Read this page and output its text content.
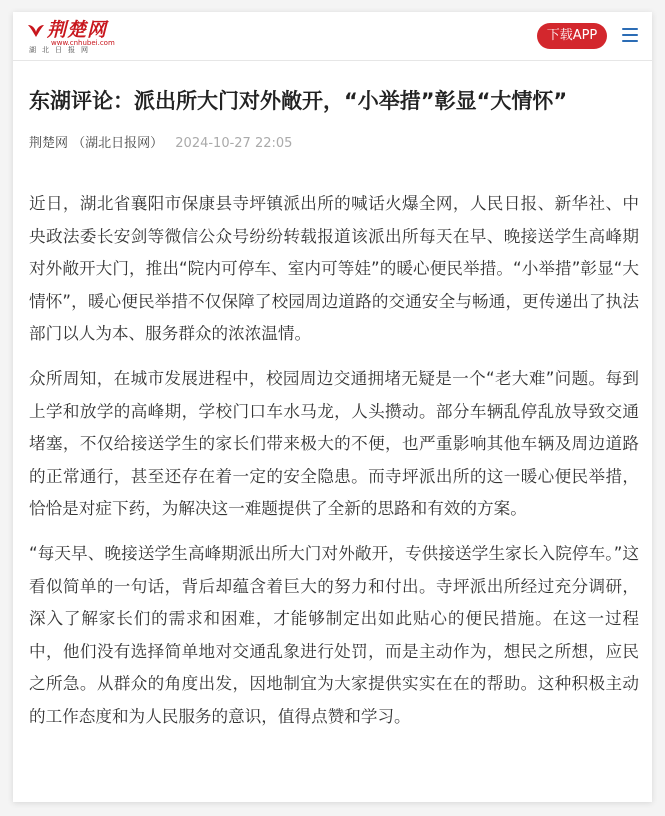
荆楚网
www.cnhubei.com
湖北日报网
下载APP
东湖评论：派出所大门对外敞开，“小举措”彰显“大情怀”
荆楚网 （湖北日报网） 2024-10-27 22:05

近日，湖北省襄阳市保康县寺坪镇派出所的喊话火爆全网，人民日报、新华社、中央政法委长安剑等微信公众号纷纷转载报道该派出所每天在早、晚接送学生高峰期对外敞开大门，推出“院内可停车、室内可等娃”的暖心便民举措。“小举措”彰显“大情怀”，暖心便民举措不仅保障了校园周边道路的交通安全与畅通，更传递出了执法部门以人为本、服务群众的浓浓温情。

众所周知，在城市发展进程中，校园周边交通拥堵无疑是一个“老大难”问题。每到上学和放学的高峰期，学校门口车水马龙，人头攒动。部分车辆乱停乱放导致交通堵塞，不仅给接送学生的家长们带来极大的不便，也严重影响其他车辆及周边道路的正常通行，甚至还存在着一定的安全隐患。而寺坪派出所的这一暖心便民举措，恰恰是对症下药，为解决这一难题提供了全新的思路和有效的方案。

“每天早、晚接送学生高峰期派出所大门对外敞开，专供接送学生家长入院停车。”这看似简单的一句话，背后却蕴含着巨大的努力和付出。寺坪派出所经过充分调研，深入了解家长们的需求和困难，才能够制定出如此贴心的便民措施。在这一过程中，他们没有选择简单地对交通乱象进行处罚，而是主动作为，想民之所想，应民之所急。从群众的角度出发，因地制宜为大家提供实实在在的帮助。这种积极主动的工作态度和为人民服务的意识，值得点赞和学习。
